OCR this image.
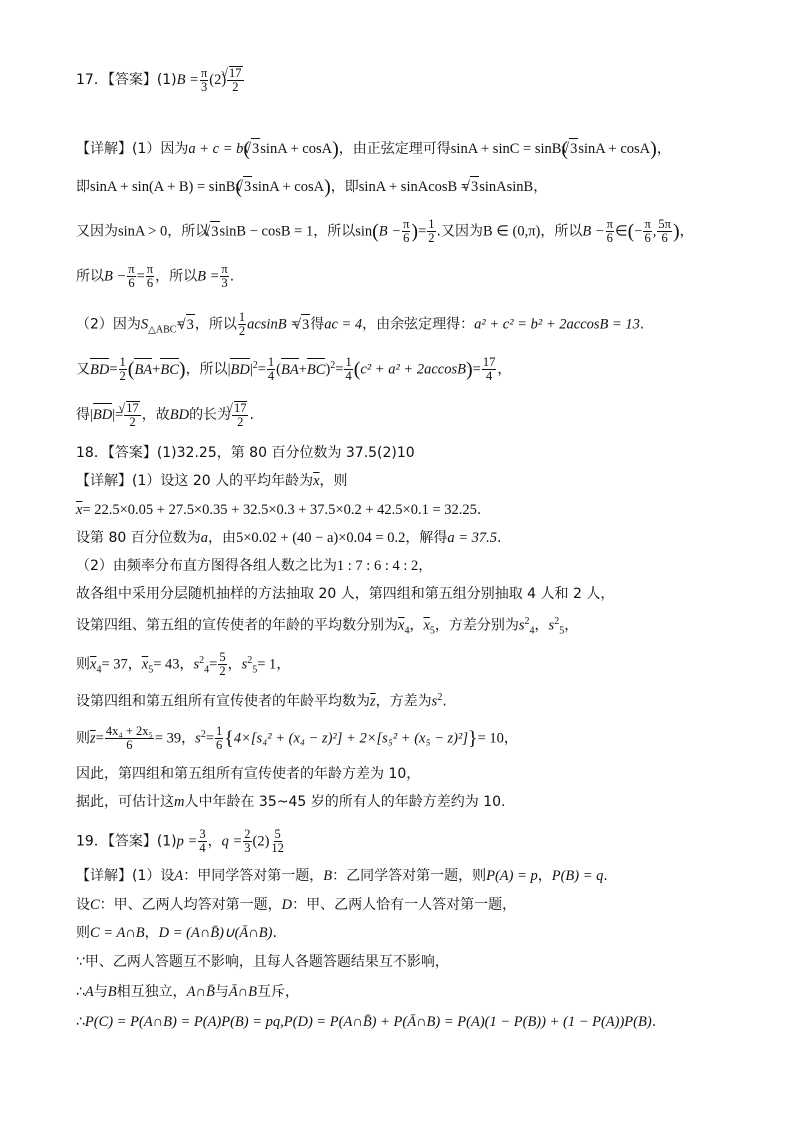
17．【答案】$(1)B = \frac{\pi}{3} (2)$ √ $\frac{17}{2}$
【详解】(1）因为a + c = b( √ 3sinA + cosA)，由正弦定理可得sinA + sinC = sinB( √ 3sinA + cosA)，
即sinA + sin(A + B) = sinB( √ 3sinA + cosA)，即sinA + sinAcosB = √ 3sinAsinB，
又因为sinA > 0，所以 √ 3sinB − cosB = 1，所以$\sin(B - \frac{\pi}{6}$ )= $\frac{1}{2}$ .又因为B ∈ (0,π)，所以$B - \frac{\pi}{6}$ ∈(− $\frac{\pi}{6}$ , $\frac{5\pi}{6}$ )，
所以$B - \frac{\pi}{6} = \frac{\pi}{6}$ ，所以$B = \frac{\pi}{3}$ .
（2）因为$S_{\triangle ABC}=$ √ 3，所以 $\frac{1}{2}$ acsinB = √ 3得ac = 4，由余弦定理得：a² + c² = b² + 2accosB = 13.
又$BD= \frac{1}{2} (BA+BC)$，所以$|BD|^2= \frac{1}{4} (BA+BC)^2= \frac{1}{4} (c^2 + a^2 + 2accosB)= \frac{17}{4}$ ，
得|BD|= √ $\frac{17}{2}$ ，故BD的长为 √ $\frac{17}{2}$ .
18．【答案】(1)32.25，第 80 百分位数为 37.5(2)10
【详解】(1）设这 20 人的平均年龄为$\overline{x}$，则
$\overline{x}= 22.5\times 0.05 + 27.5\times 0.35 + 32.5\times 0.3 + 37.5\times 0.2 + 42.5\times 0.1 = 32.25$.
设第 80 百分位数为a，由5×0.02 + (40 − a)×0.04 = 0.2，解得a = 37.5.
（2）由频率分布直方图得各组人数之比为1 : 7 : 6 : 4 : 2，
故各组中采用分层随机抽样的方法抽取 20 人，第四组和第五组分别抽取 4 人和 2 人，
设第四组、第五组的宣传使者的年龄的平均数分别为$\overline{x}_4$，$\overline{x}_5$，方差分别为$s^2_4$，$s^2_5$，
则$\overline{x}_4= 37$，$\overline{x}_5= 43$，$s^2_4= \frac{5}{2}$ ，$s^2_5= 1$，
设第四组和第五组所有宣传使者的年龄平均数为$\overline{z}$，方差为$s^2$.
则$\overline{z}= \frac{\text{4x₄ + 2x₅}}{6} = 39$，$s^2= \frac{1}{6} \{4\times[s_4^2 + (x_4 - z)^2] + 2\times[s_5^2 + (x_5 - z)^2]\}= 10$，
因此，第四组和第五组所有宣传使者的年龄方差为 10，
据此，可估计这m人中年龄在 35~45 岁的所有人的年龄方差约为 10.
19．【答案】$(1)p = \frac{3}{4}$ ，$q = \frac{2}{3} (2) \frac{5}{12}$
【详解】(1）设A：甲同学答对第一题，B：乙同学答对第一题，则P(A) = p，P(B) = q.
设C：甲、乙两人均答对第一题，D：甲、乙两人恰有一人答对第一题，
则C = A∩B，D = (A∩B̄)∪(Ā∩B).
∵甲、乙两人答题互不影响，且每人各题答题结果互不影响，
∴A与B相互独立，A∩B̄与Ā∩B互斥，
∴P(C) = P(A∩B) = P(A)P(B) = pq,P(D) = P(A∩B̄) + P(Ā∩B) = P(A)(1 − P(B)) + (1 − P(A))P(B).
